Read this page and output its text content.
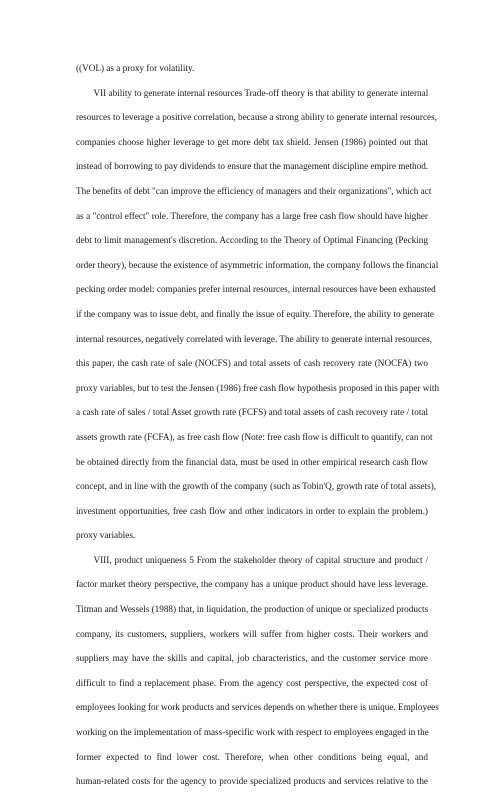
((VOL) as a proxy for volatility.

VII ability to generate internal resources Trade-off theory is that ability to generate internal
resources to leverage a positive correlation, because a strong ability to generate internal resources,
companies choose higher leverage to get more debt tax shield. Jensen (1986) pointed out that
instead of borrowing to pay dividends to ensure that the management discipline empire method.
The benefits of debt "can improve the efficiency of managers and their organizations", which act
as a "control effect" role. Therefore, the company has a large free cash flow should have higher
debt to limit management's discretion. According to the Theory of Optimal Financing (Pecking
order theory), because the existence of asymmetric information, the company follows the financial
pecking order model: companies prefer internal resources, internal resources have been exhausted
if the company was to issue debt, and finally the issue of equity. Therefore, the ability to generate
internal resources, negatively correlated with leverage. The ability to generate internal resources,
this paper, the cash rate of sale (NOCFS) and total assets of cash recovery rate (NOCFA) two
proxy variables, but to test the Jensen (1986) free cash flow hypothesis proposed in this paper with
a cash rate of sales / total Asset growth rate (FCFS) and total assets of cash recovery rate / total
assets growth rate (FCFA), as free cash flow (Note: free cash flow is difficult to quantify, can not
be obtained directly from the financial data, must be used in other empirical research cash flow
concept, and in line with the growth of the company (such as Tobin'Q, growth rate of total assets),
investment opportunities, free cash flow and other indicators in order to explain the problem.)
proxy variables.

VIII, product uniqueness 5 From the stakeholder theory of capital structure and product /
factor market theory perspective, the company has a unique product should have less leverage.
Titman and Wessels (1988) that, in liquidation, the production of unique or specialized products
company, its customers, suppliers, workers will suffer from higher costs. Their workers and
suppliers may have the skills and capital, job characteristics, and the customer service more
difficult to find a replacement phase. From the agency cost perspective, the expected cost of
employees looking for work products and services depends on whether there is unique. Employees
working on the implementation of mass-specific work with respect to employees engaged in the
former expected to find lower cost. Therefore, when other conditions being equal, and
human-related costs for the agency to provide specialized products and services relative to the
